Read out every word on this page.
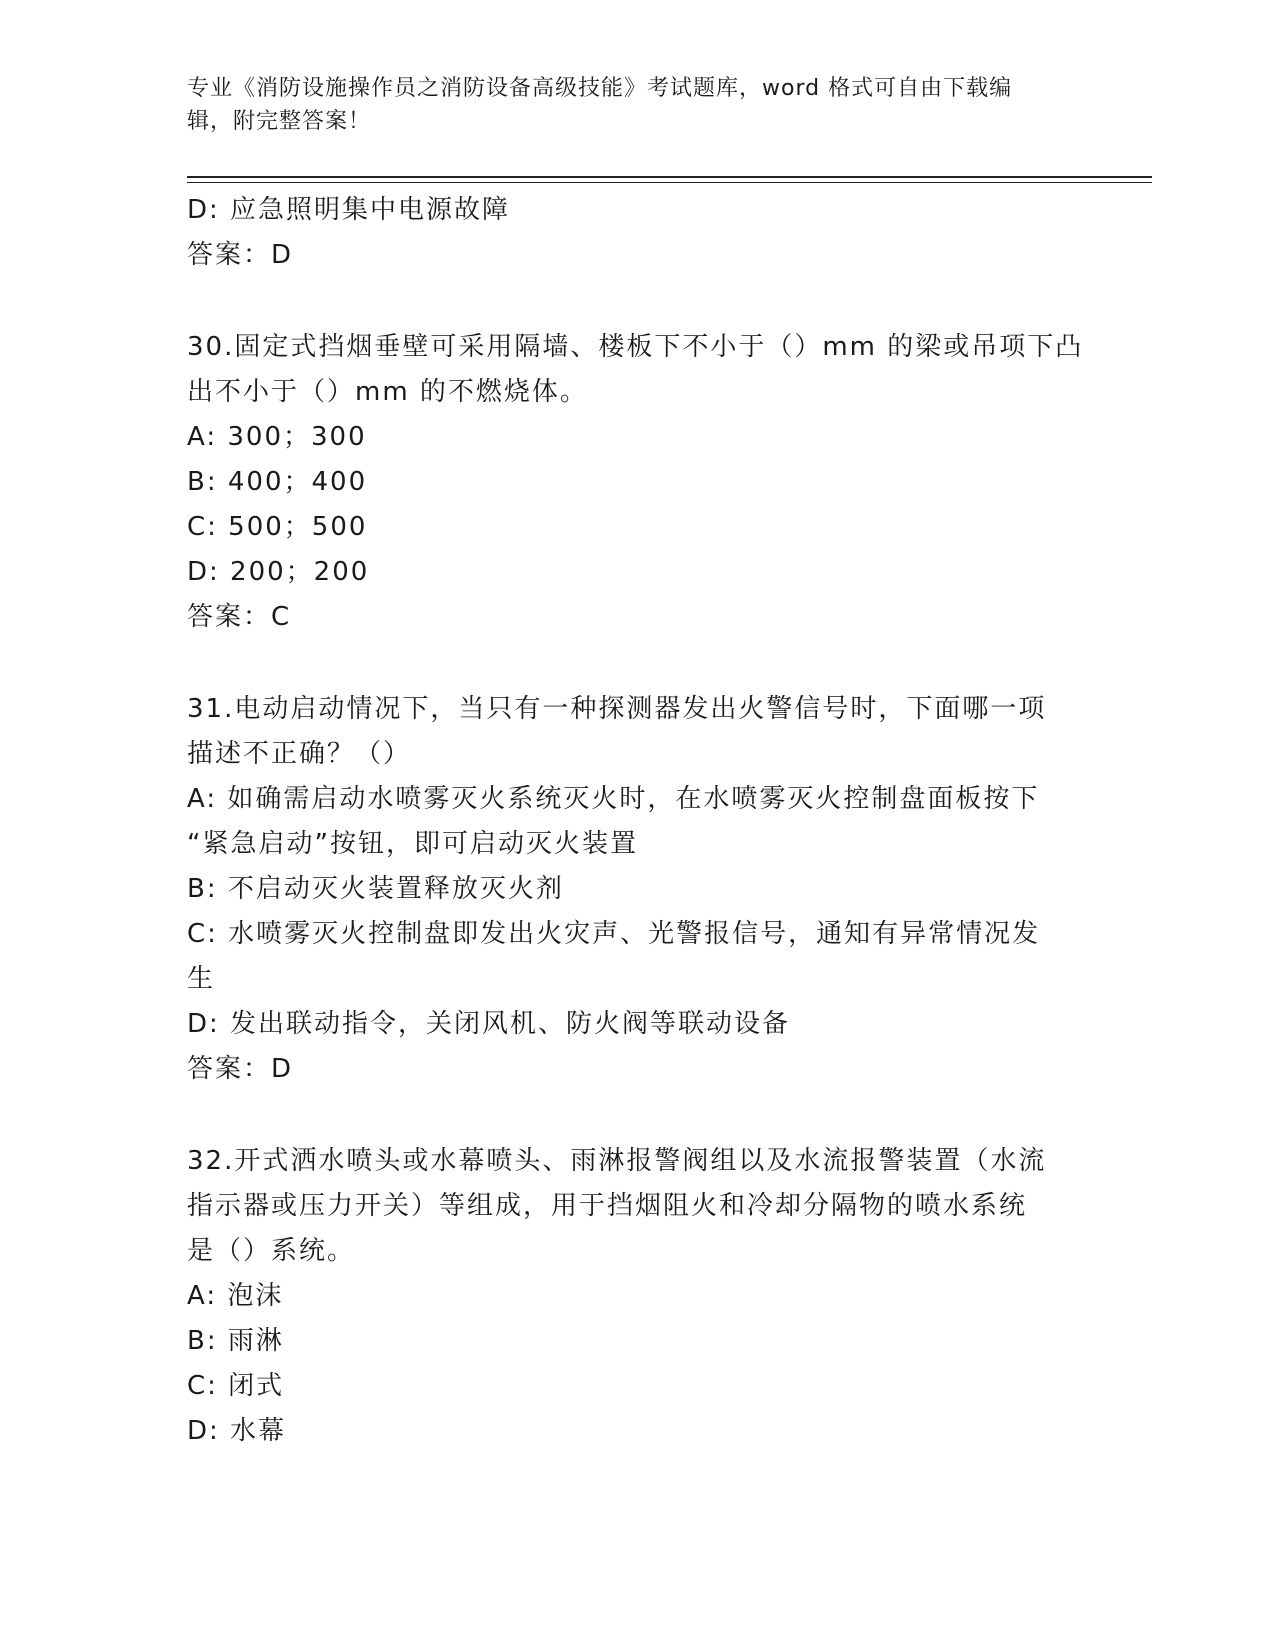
专业《消防设施操作员之消防设备高级技能》考试题库，word 格式可自由下载编
辑，附完整答案！
D: 应急照明集中电源故障
答案：D
30.固定式挡烟垂壁可采用隔墙、楼板下不小于（）mm 的梁或吊项下凸
出不小于（）mm 的不燃烧体。
A: 300；300
B: 400；400
C: 500；500
D: 200；200
答案：C
31.电动启动情况下，当只有一种探测器发出火警信号时，下面哪一项
描述不正确？（）
A: 如确需启动水喷雾灭火系统灭火时，在水喷雾灭火控制盘面板按下
“紧急启动”按钮，即可启动灭火装置
B: 不启动灭火装置释放灭火剂
C: 水喷雾灭火控制盘即发出火灾声、光警报信号，通知有异常情况发
生
D: 发出联动指令，关闭风机、防火阀等联动设备
答案：D
32.开式洒水喷头或水幕喷头、雨淋报警阀组以及水流报警装置（水流
指示器或压力开关）等组成，用于挡烟阻火和冷却分隔物的喷水系统
是（）系统。
A: 泡沫
B: 雨淋
C: 闭式
D: 水幕
